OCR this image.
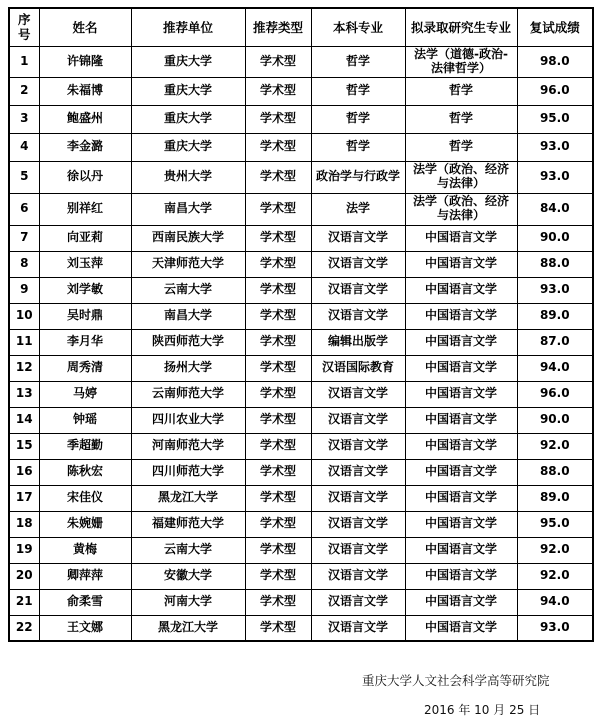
序号	姓名	推荐单位	推荐类型	本科专业	拟录取研究生专业	复试成绩
1	许锦隆	重庆大学	学术型	哲学	法学（道德-政治-法律哲学）	98.0
2	朱福博	重庆大学	学术型	哲学	哲学	96.0
3	鲍盛州	重庆大学	学术型	哲学	哲学	95.0
4	李金潞	重庆大学	学术型	哲学	哲学	93.0
5	徐以丹	贵州大学	学术型	政治学与行政学	法学（政治、经济与法律）	93.0
6	别祥红	南昌大学	学术型	法学	法学（政治、经济与法律）	84.0
7	向亚莉	西南民族大学	学术型	汉语言文学	中国语言文学	90.0
8	刘玉萍	天津师范大学	学术型	汉语言文学	中国语言文学	88.0
9	刘学敏	云南大学	学术型	汉语言文学	中国语言文学	93.0
10	吴时鼎	南昌大学	学术型	汉语言文学	中国语言文学	89.0
11	李月华	陕西师范大学	学术型	编辑出版学	中国语言文学	87.0
12	周秀清	扬州大学	学术型	汉语国际教育	中国语言文学	94.0
13	马婷	云南师范大学	学术型	汉语言文学	中国语言文学	96.0
14	钟瑶	四川农业大学	学术型	汉语言文学	中国语言文学	90.0
15	季超勤	河南师范大学	学术型	汉语言文学	中国语言文学	92.0
16	陈秋宏	四川师范大学	学术型	汉语言文学	中国语言文学	88.0
17	宋佳仪	黑龙江大学	学术型	汉语言文学	中国语言文学	89.0
18	朱婉姗	福建师范大学	学术型	汉语言文学	中国语言文学	95.0
19	黄梅	云南大学	学术型	汉语言文学	中国语言文学	92.0
20	卿萍萍	安徽大学	学术型	汉语言文学	中国语言文学	92.0
21	俞柔雪	河南大学	学术型	汉语言文学	中国语言文学	94.0
22	王文娜	黑龙江大学	学术型	汉语言文学	中国语言文学	93.0
重庆大学人文社会科学高等研究院
2016 年 10 月 25 日
